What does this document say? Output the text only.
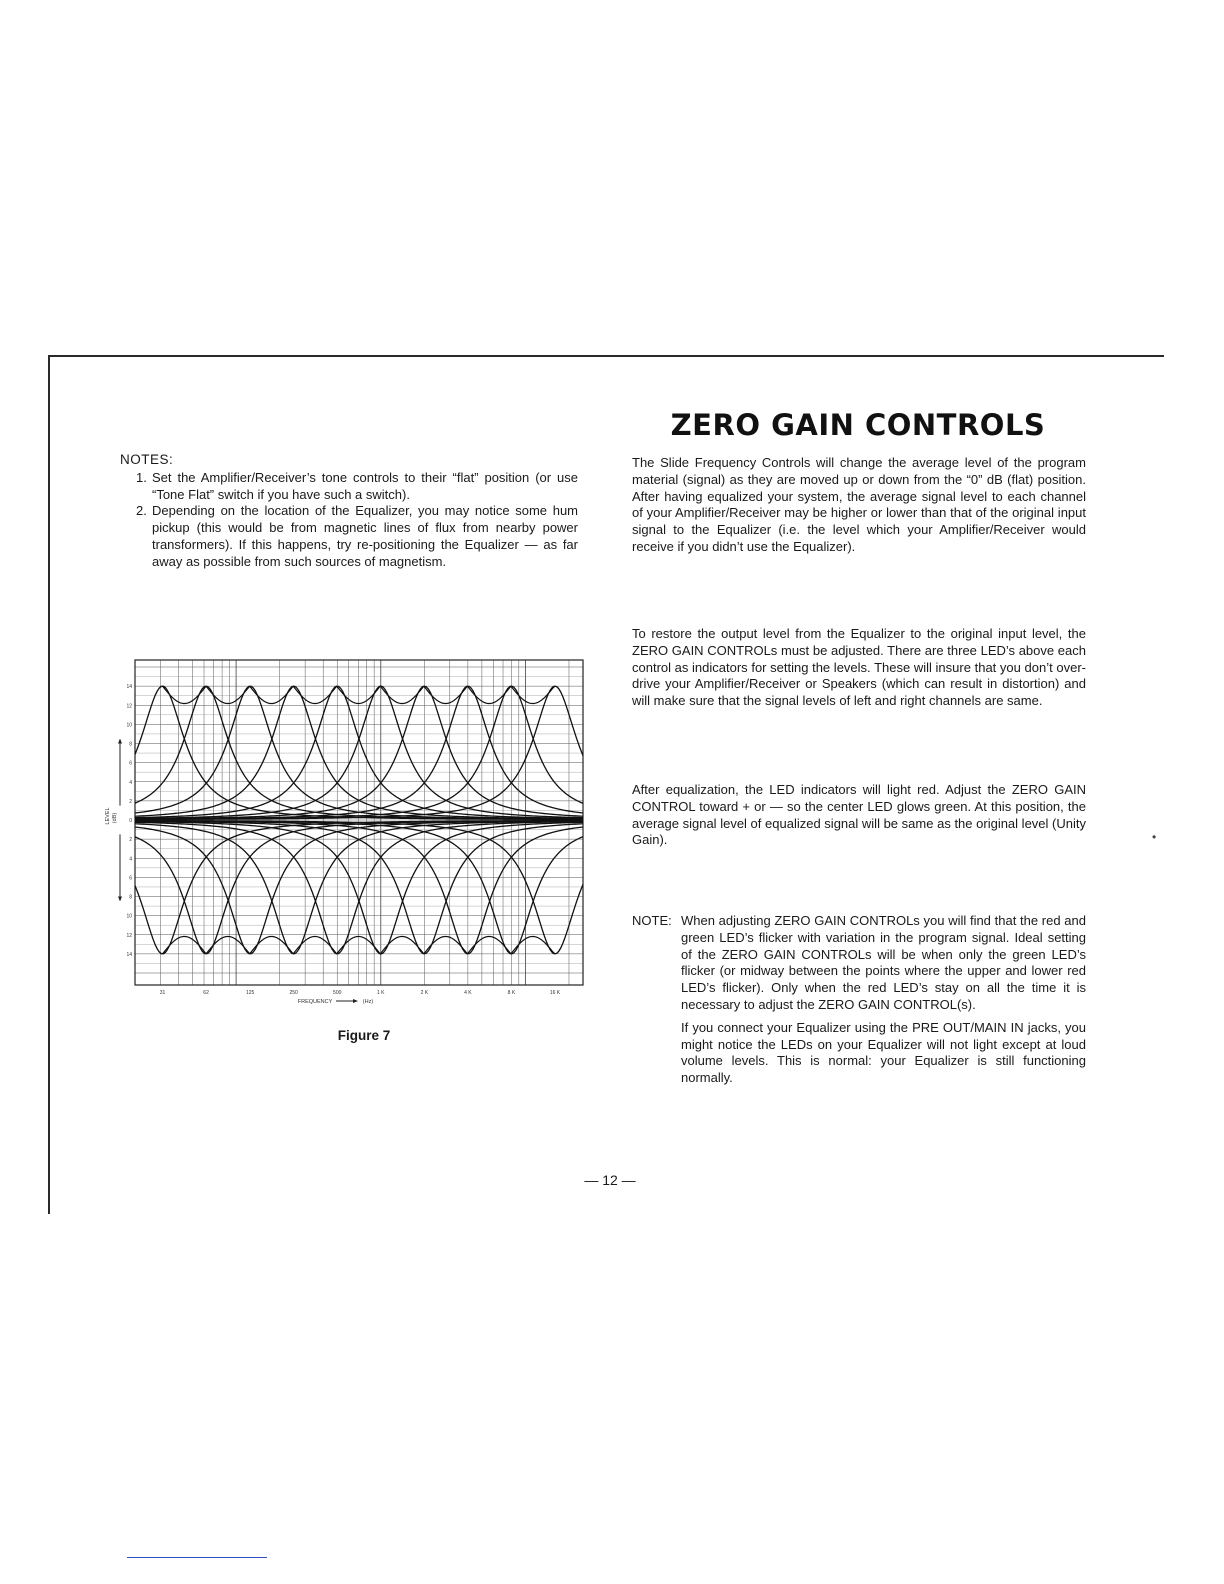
NOTES:
1. Set the Amplifier/Receiver’s tone controls to their “flat” position (or use “Tone Flat” switch if you have such a switch).
2. Depending on the location of the Equalizer, you may notice some hum pickup (this would be from magnetic lines of flux from nearby power transformers). If this happens, try re-positioning the Equalizer — as far away as possible from such sources of magnetism.
ZERO GAIN CONTROLS

The Slide Frequency Controls will change the average level of the program material (signal) as they are moved up or down from the “0” dB (flat) position. After having equalized your system, the average signal level to each channel of your Amplifier/Receiver may be higher or lower than that of the original input signal to the Equalizer (i.e. the level which your Amplifier/Receiver would receive if you didn’t use the Equalizer).

To restore the output level from the Equalizer to the original input level, the ZERO GAIN CONTROLs must be adjusted. There are three LED’s above each control as indicators for setting the levels. These will insure that you don’t over-drive your Amplifier/Receiver or Speakers (which can result in distortion) and will make sure that the signal levels of left and right channels are same.

After equalization, the LED indicators will light red. Adjust the ZERO GAIN CONTROL toward + or — so the center LED glows green. At this position, the average signal level of equalized signal will be same as the original level (Unity Gain).

NOTE: When adjusting ZERO GAIN CONTROLs you will find that the red and green LED’s flicker with variation in the program signal. Ideal setting of the ZERO GAIN CONTROLs will be when only the green LED’s flicker (or midway between the points where the upper and lower red LED’s flicker). Only when the red LED’s stay on all the time it is necessary to adjust the ZERO GAIN CONTROL(s).
If you connect your Equalizer using the PRE OUT/MAIN IN jacks, you might notice the LEDs on your Equalizer will not light except at loud volume levels. This is normal: your Equalizer is still functioning normally.
14
12
10
8
6
4
2
0
2
4
6
8
10
12
14
31	62	125	250	500	1 K	2 K	4 K	8 K	16 K
FREQUENCY	(Hz)
LEVEL (dB)
Figure 7
— 12 —
•
